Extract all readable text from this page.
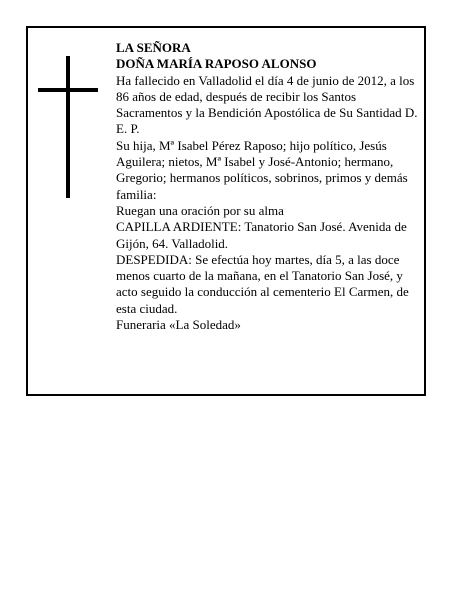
LA SEÑORA

DOÑA MARÍA RAPOSO ALONSO

Ha fallecido en Valladolid el día 4 de junio de 2012, a los 86 años de edad, después de recibir los Santos Sacramentos y la Bendición Apostólica de Su Santidad D. E. P.

Su hija, Mª Isabel Pérez Raposo; hijo político, Jesús Aguilera; nietos, Mª Isabel y José-Antonio; hermano, Gregorio; hermanos políticos, sobrinos, primos y demás familia:

Ruegan una oración por su alma

CAPILLA ARDIENTE: Tanatorio San José. Avenida de Gijón, 64. Valladolid.

DESPEDIDA: Se efectúa hoy martes, día 5, a las doce menos cuarto de la mañana, en el Tanatorio San José, y acto seguido la conducción al cementerio El Carmen, de esta ciudad.

Funeraria «La Soledad»
